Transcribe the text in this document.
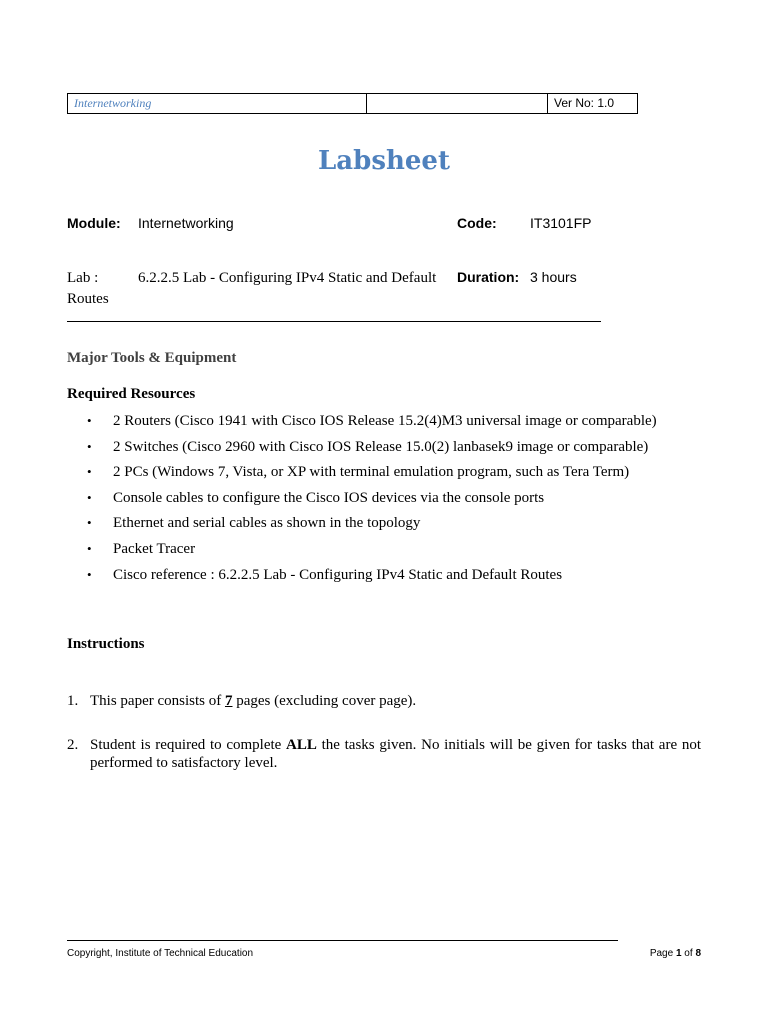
Internetworking	Ver No: 1.0
Labsheet
Module: Internetworking	Code: IT3101FP
Lab :	6.2.2.5 Lab - Configuring IPv4 Static and Default
Routes
Duration: 3 hours
Major Tools & Equipment
Required Resources
• 2 Routers (Cisco 1941 with Cisco IOS Release 15.2(4)M3 universal image or comparable)
• 2 Switches (Cisco 2960 with Cisco IOS Release 15.0(2) lanbasek9 image or comparable)
• 2 PCs (Windows 7, Vista, or XP with terminal emulation program, such as Tera Term)
• Console cables to configure the Cisco IOS devices via the console ports
• Ethernet and serial cables as shown in the topology
• Packet Tracer
• Cisco reference : 6.2.2.5 Lab - Configuring IPv4 Static and Default Routes
Instructions
1. This paper consists of 7 pages (excluding cover page).
2. Student is required to complete ALL the tasks given. No initials will be given for tasks that are not performed to satisfactory level.
Copyright, Institute of Technical Education	Page 1 of 8
